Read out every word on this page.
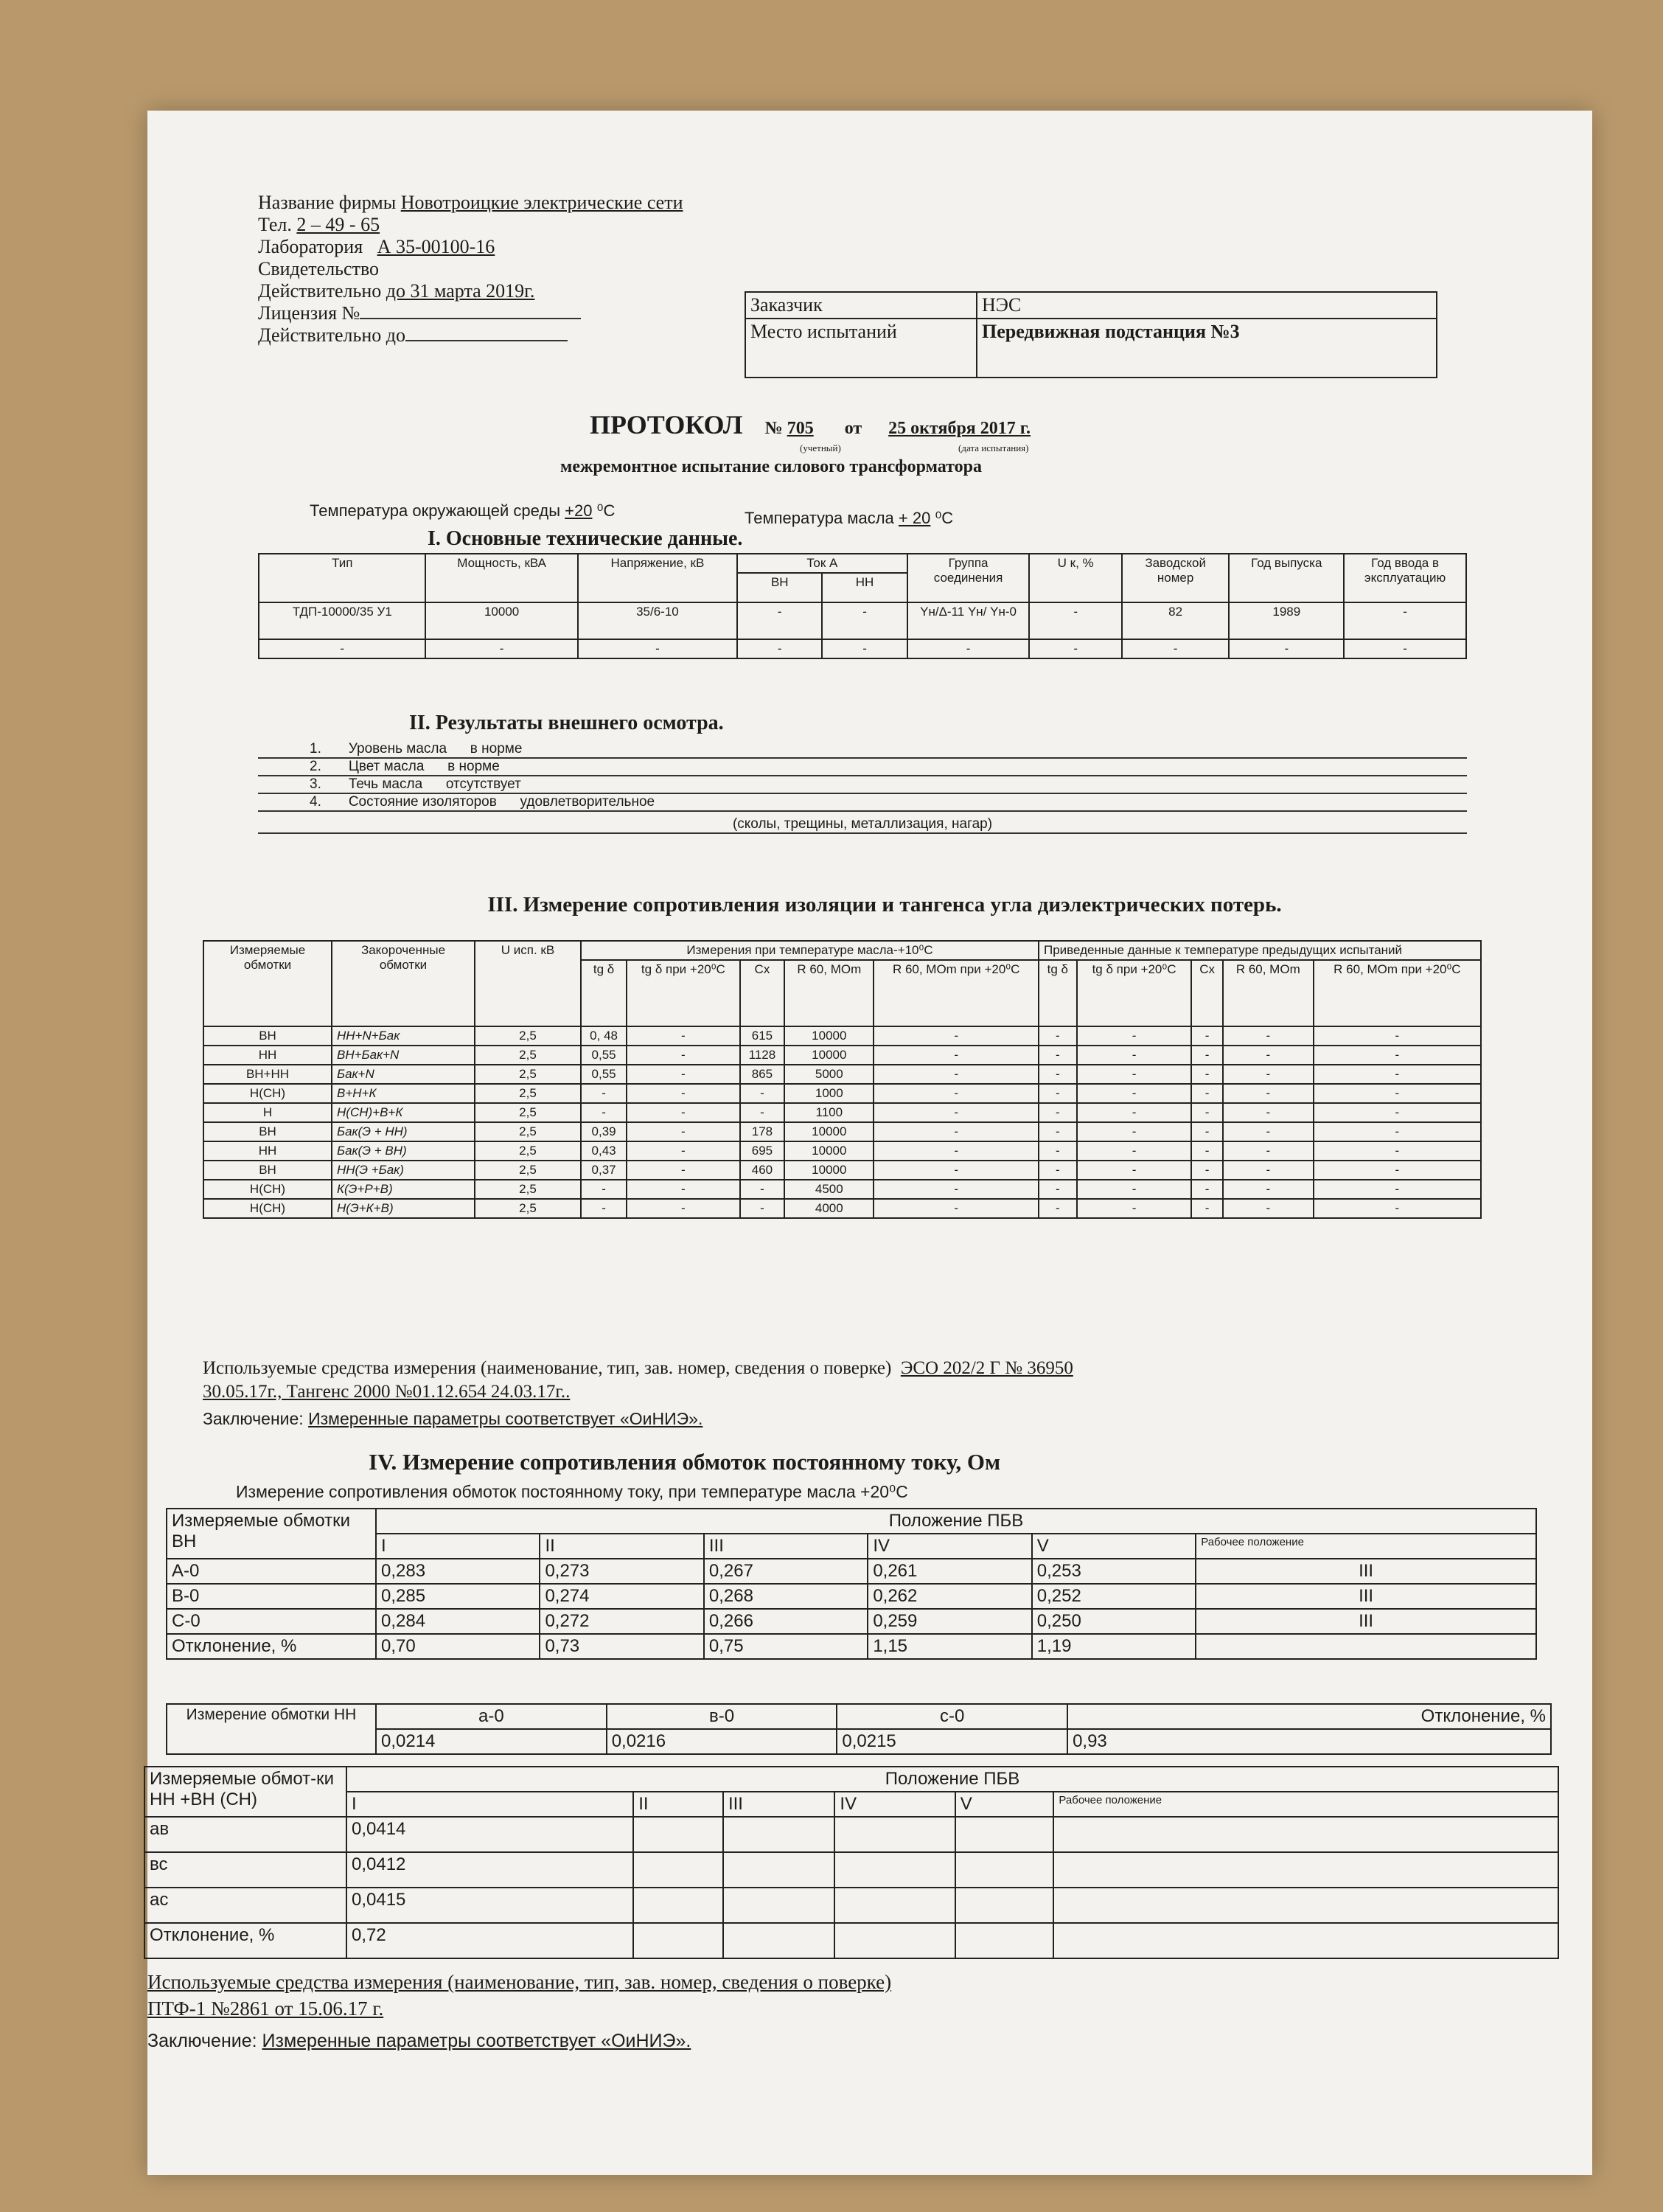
Название фирмы Новотроицкие электрические сети
Тел. 2 – 49 - 65
Лаборатория А 35-00100-16
Свидетельство
Действительно до 31 марта 2019г.
Лицензия №
Действительно до
Заказчик	НЭС
Место испытаний	Передвижная подстанция №3
ПРОТОКОЛ № 705 от 25 октября 2017 г.
(учетный)	(дата испытания)
межремонтное испытание силового трансформатора
Температура окружающей среды +20 ⁰С	Температура масла + 20 ⁰С
I. Основные технические данные.
Тип	Мощность, кВА	Напряжение, кВ	Ток А		Группа соединения	U к, %	Заводской номер	Год выпуска	Год ввода в эксплуатацию
			ВН	НН					
ТДП-10000/35 У1	10000	35/6-10	-	-	Yн/Δ-11 Yн/ Yн-0	-	82	1989	-
-	-	-	-	-	-	-	-	-	-
II. Результаты внешнего осмотра.
1. Уровень масла в норме
2. Цвет масла в норме
3. Течь масла отсутствует
4. Состояние изоляторов удовлетворительное
(сколы, трещины, металлизация, нагар)
III. Измерение сопротивления изоляции и тангенса угла диэлектрических потерь.
Измеряемые обмотки	Закороченные обмотки	U исп. кВ	Измерения при температуре масла-+10⁰С					Приведенные данные к температуре предыдущих испытаний				
			tg δ	tg δ при +20⁰С	Сх	R 60, МОm	R 60, МОm при +20⁰С	tg δ	tg δ при +20⁰С	Сх	R 60, МОm	R 60, МОm при +20⁰С
ВН	НН+N+Бак	2,5	0, 48	-	615	10000	-	-	-	-	-	-
НН	ВН+Бак+N	2,5	0,55	-	1128	10000	-	-	-	-	-	-
ВН+НН	Бак+N	2,5	0,55	-	865	5000	-	-	-	-	-	-
Н(СН)	В+Н+К	2,5	-	-	-	1000	-	-	-	-	-	-
Н	Н(СН)+В+К	2,5	-	-	-	1100	-	-	-	-	-	-
ВН	Бак(Э + НН)	2,5	0,39	-	178	10000	-	-	-	-	-	-
НН	Бак(Э + ВН)	2,5	0,43	-	695	10000	-	-	-	-	-	-
ВН	НН(Э +Бак)	2,5	0,37	-	460	10000	-	-	-	-	-	-
Н(СН)	К(Э+Р+В)	2,5	-	-	-	4500	-	-	-	-	-	-
Н(СН)	Н(Э+К+В)	2,5	-	-	-	4000	-	-	-	-	-	-
Используемые средства измерения (наименование, тип, зав. номер, сведения о поверке) ЭСО 202/2 Г № 36950
30.05.17г., Тангенс 2000 №01.12.654 24.03.17г..
Заключение: Измеренные параметры соответствует «ОиНИЭ».
IV. Измерение сопротивления обмоток постоянному току, Ом
Измерение сопротивления обмоток постоянному току, при температуре масла +20⁰С
Измеряемые обмотки ВН	Положение ПБВ					
	I	II	III	IV	V	Рабочее положение
А-0	0,283	0,273	0,267	0,261	0,253	III
В-0	0,285	0,274	0,268	0,262	0,252	III
С-0	0,284	0,272	0,266	0,259	0,250	III
Отклонение, %	0,70	0,73	0,75	1,15	1,19	
Измерение обмотки НН	а-0	в-0	с-0	Отклонение, %
	0,0214	0,0216	0,0215	0,93
Измеряемые обмот-ки НН +ВН (СН)	Положение ПБВ					
	I	II	III	IV	V	Рабочее положение
ав	0,0414					
вс	0,0412					
ас	0,0415					
Отклонение, %	0,72					
Используемые средства измерения (наименование, тип, зав. номер, сведения о поверке)
ПТФ-1 №2861 от 15.06.17 г.
Заключение: Измеренные параметры соответствует «ОиНИЭ».
